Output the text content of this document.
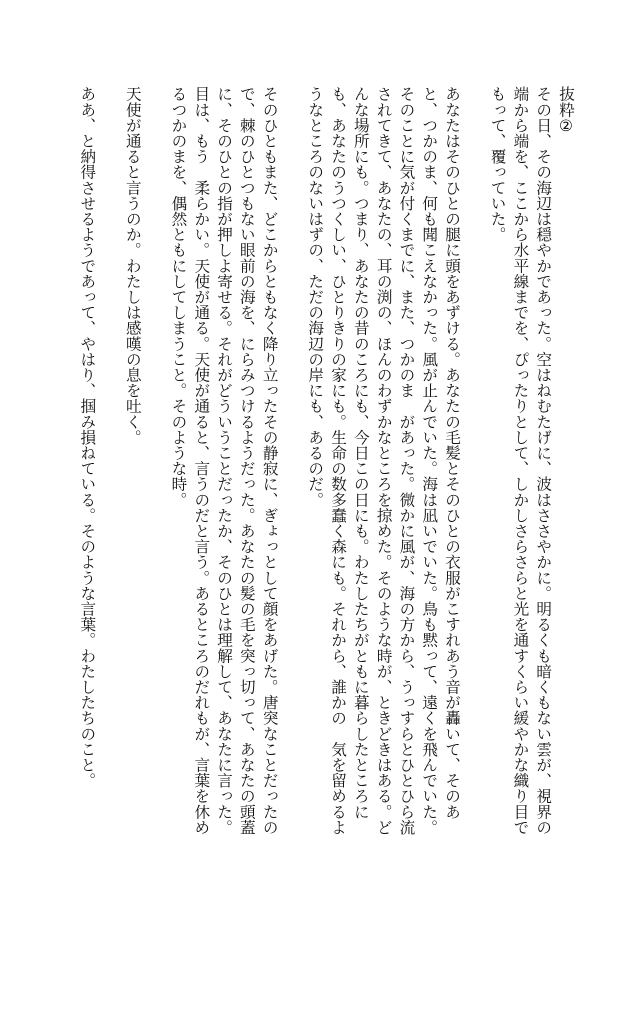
抜粋②
その日、その海辺は穏やかであった。空はねむたげに、波はささやかに。明るくも暗くもない雲が、視界の
端から端を、ここから水平線までを、ぴったりとして、しかしさらさらと光を通すくらい緩やかな織り目で
もって、覆っていた。
あなたはそのひとの腿に頭をあずける。あなたの毛髪とそのひとの衣服がこすれあう音が轟いて、そのあ
と、つかのま、何も聞こえなかった。風が止んでいた。海は凪いでいた。鳥も黙って、遠くを飛んでいた。
そのことに気が付くまでに、また、つかのま　があった。微かに風が、海の方から、うっすらとひとひら流
されてきて、あなたの、耳の渕の、ほんのわずかなところを掠めた。そのような時が、ときどきはある。ど
んな場所にも。つまり、あなたの昔のころにも、今日この日にも。わたしたちがともに暮らしたところに
も、あなたのうつくしい、ひとりきりの家にも。生命の数多蠢く森にも。それから、誰かの　気を留めるよ
うなところのないはずの、ただの海辺の岸にも、あるのだ。
そのひともまた、どこからともなく降り立ったその静寂に、ぎょっとして顔をあげた。唐突なことだったの
で、棘のひとつもない眼前の海を、にらみつけるようだった。あなたの髪の毛を突っ切って、あなたの頭蓋
に、そのひとの指が押しよ寄せる。それがどういうことだったか、そのひとは理解して、あなたに言った。
目は、もう　柔らかい。天使が通る。天使が通ると、言うのだと言う。あるところのだれもが、言葉を休め
るつかのまを、偶然ともにしてしまうこと。そのような時。
天使が通ると言うのか。わたしは感嘆の息を吐く。
ああ、と納得させるようであって、やはり、掴み損ねている。そのような言葉。わたしたちのこと。
